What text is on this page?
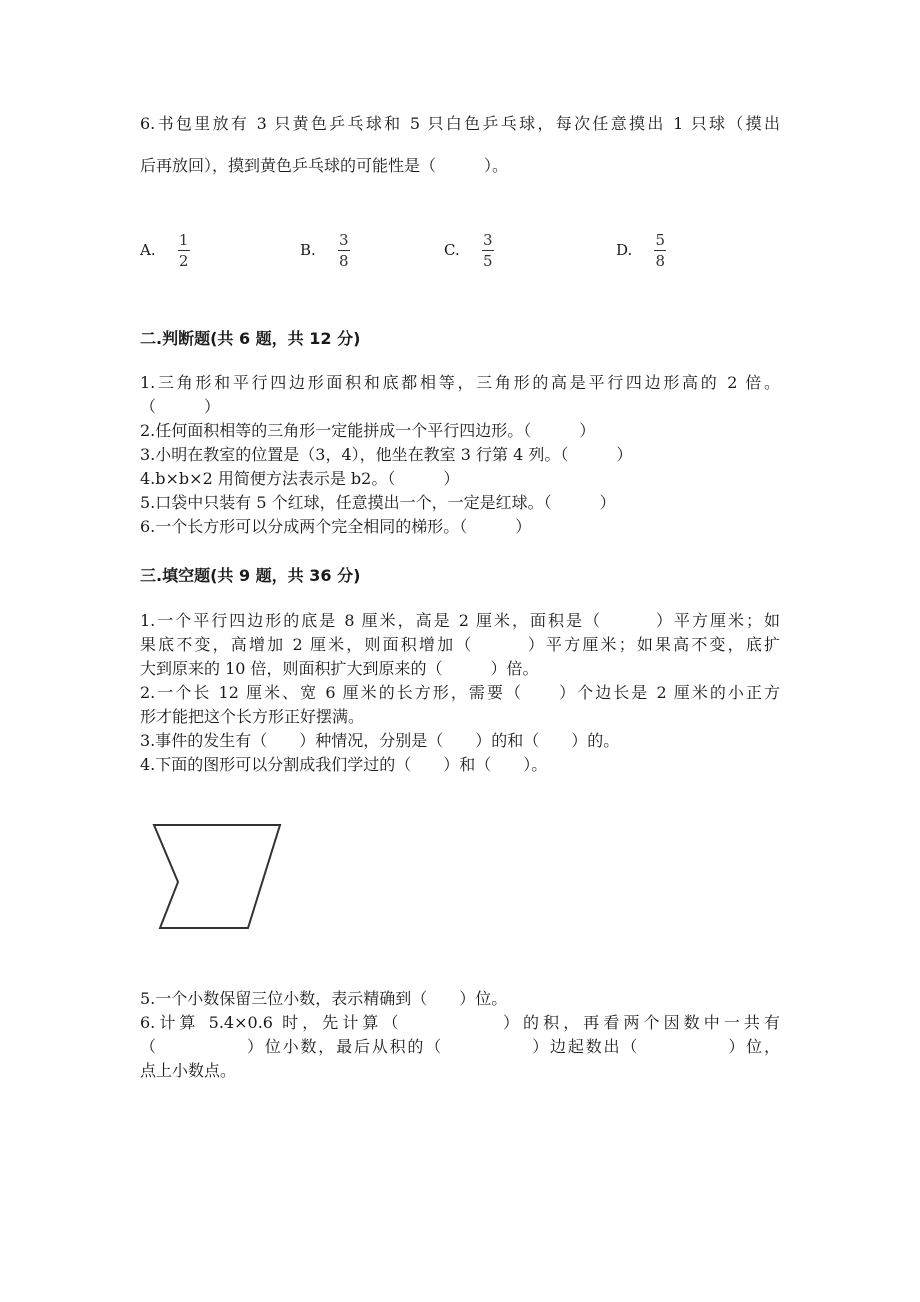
6.书包里放有 3 只黄色乒乓球和 5 只白色乒乓球，每次任意摸出 1 只球（摸出
后再放回），摸到黄色乒乓球的可能性是（　　　）。
A. $\frac{1}{2}$	B. $\frac{3}{8}$	C. $\frac{3}{5}$	D. $\frac{5}{8}$
二.判断题(共 6 题，共 12 分)
1.三角形和平行四边形面积和底都相等，三角形的高是平行四边形高的 2 倍。
（　　　）
2.任何面积相等的三角形一定能拼成一个平行四边形。（　　　）
3.小明在教室的位置是（3，4），他坐在教室 3 行第 4 列。（　　　）
4.b×b×2 用简便方法表示是 b2。（　　　）
5.口袋中只装有 5 个红球，任意摸出一个，一定是红球。（　　　）
6.一个长方形可以分成两个完全相同的梯形。（　　　）
三.填空题(共 9 题，共 36 分)
1.一个平行四边形的底是 8 厘米，高是 2 厘米，面积是（　　　）平方厘米；如
果底不变，高增加 2 厘米，则面积增加（　　　）平方厘米；如果高不变，底扩
大到原来的 10 倍，则面积扩大到原来的（　　　）倍。
2.一个长 12 厘米、宽 6 厘米的长方形，需要（　　）个边长是 2 厘米的小正方
形才能把这个长方形正好摆满。
3.事件的发生有（　　）种情况，分别是（　　）的和（　　）的。
4.下面的图形可以分割成我们学过的（　　）和（　　）。
5.一个小数保留三位小数，表示精确到（　　）位。
6.计算 5.4×0.6 时，先计算（　　　　　）的积，再看两个因数中一共有
（　　　　　）位小数，最后从积的（　　　　　）边起数出（　　　　　）位，
点上小数点。
